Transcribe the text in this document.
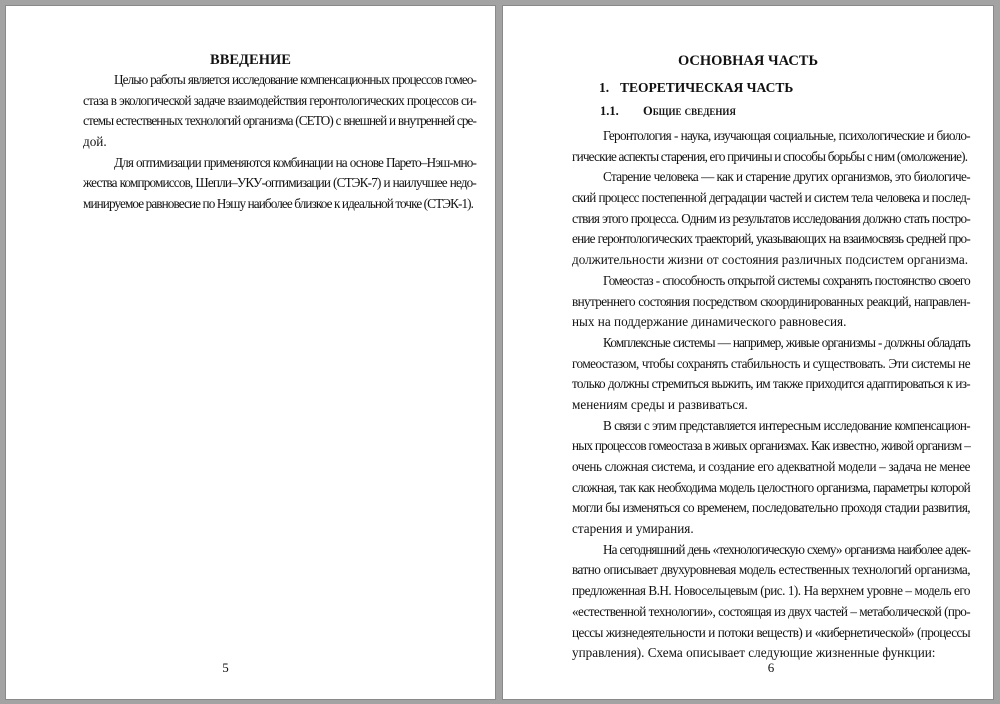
ВВЕДЕНИЕ
Целью работы является исследование компенсационных процессов гомео-
стаза в экологической задаче взаимодействия геронтологических процессов си-
стемы естественных технологий организма (СЕТО) с внешней и внутренней сре-
дой.
Для оптимизации применяются комбинации на основе Парето–Нэш-мно-
жества компромиссов, Шепли–УКУ-оптимизации (СТЭК-7) и наилучшее недо-
минируемое равновесие по Нэшу наиболее близкое к идеальной точке (СТЭК-1).
5
ОСНОВНАЯ ЧАСТЬ
1. ТЕОРЕТИЧЕСКАЯ ЧАСТЬ
1.1. Общие сведения
Геронтология - наука, изучающая социальные, психологические и биоло-
гические аспекты старения, его причины и способы борьбы с ним (омоложение).
Старение человека — как и старение других организмов, это биологиче-
ский процесс постепенной деградации частей и систем тела человека и послед-
ствия этого процесса. Одним из результатов исследования должно стать постро-
ение геронтологических траекторий, указывающих на взаимосвязь средней про-
должительности жизни от состояния различных подсистем организма.
Гомеостаз - способность открытой системы сохранять постоянство своего
внутреннего состояния посредством скоординированных реакций, направлен-
ных на поддержание динамического равновесия.
Комплексные системы — например, живые организмы - должны обладать
гомеостазом, чтобы сохранять стабильность и существовать. Эти системы не
только должны стремиться выжить, им также приходится адаптироваться к из-
менениям среды и развиваться.
В связи с этим представляется интересным исследование компенсацион-
ных процессов гомеостаза в живых организмах. Как известно, живой организм –
очень сложная система, и создание его адекватной модели – задача не менее
сложная, так как необходима модель целостного организма, параметры которой
могли бы изменяться со временем, последовательно проходя стадии развития,
старения и умирания.
На сегодняшний день «технологическую схему» организма наиболее адек-
ватно описывает двухуровневая модель естественных технологий организма,
предложенная В.Н. Новосельцевым (рис. 1). На верхнем уровне – модель его
«естественной технологии», состоящая из двух частей – метаболической (про-
цессы жизнедеятельности и потоки веществ) и «кибернетической» (процессы
управления). Схема описывает следующие жизненные функции:
6
